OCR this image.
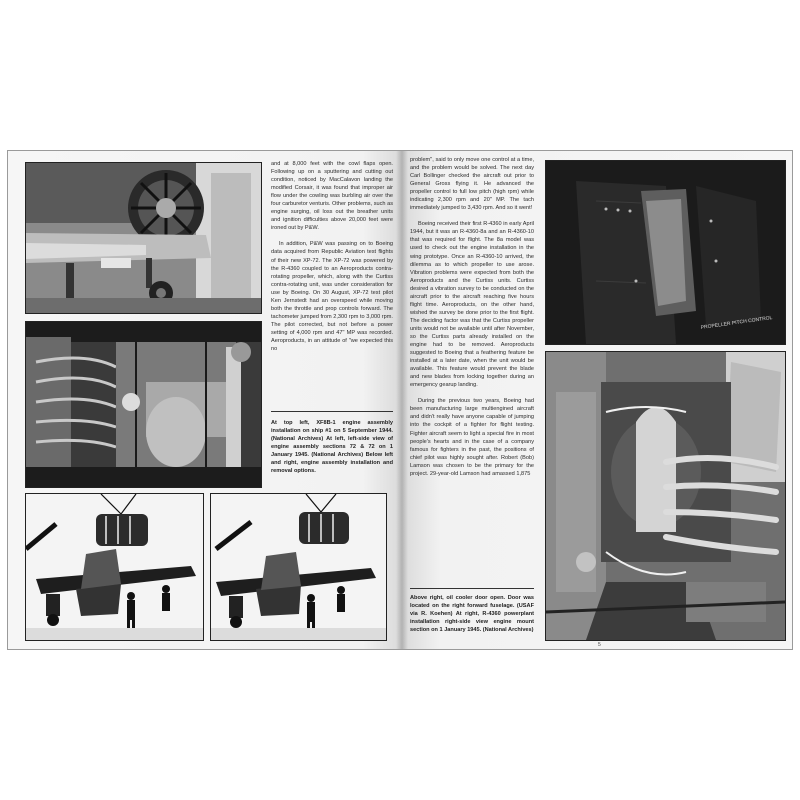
and at 8,000 feet with the cowl flaps open. Following up on a sputtering and cutting out condition, noticed by MacCalavon landing the modified Corsair, it was found that improper air flow under the cowling was burbling air over the four carburetor venturis. Other problems, such as engine surging, oil loss out the breather units and ignition difficulties above 20,000 feet were ironed out by P&W.

In addition, P&W was passing on to Boeing data acquired from Republic Aviation test flights of their new XP-72. The XP-72 was powered by the R-4360 coupled to an Aeroproducts contra-rotating propeller, which, along with the Curtiss contra-rotating unit, was under consideration for use by Boeing. On 30 August, XP-72 test pilot Ken Jernstedt had an overspeed while moving both the throttle and prop controls forward. The tachometer jumped from 2,300 rpm to 3,000 rpm. The pilot corrected, but not before a power setting of 4,000 rpm and 47" MP was recorded. Aeroproducts, in an attitude of "we expected this no

At top left, XF8B-1 engine assembly installation on ship #1 on 5 September 1944. (National Archives) At left, left-side view of engine assembly sections 72 & 72 on 1 January 1945. (National Archives) Below left and right, engine assembly installation and removal options.

problem", said to only move one control at a time, and the problem would be solved. The next day Carl Bollinger checked the aircraft out prior to General Gross flying it. He advanced the propeller control to full low pitch (high rpm) while indicating 2,300 rpm and 20" MP. The tach immediately jumped to 3,430 rpm. And so it went!

Boeing received their first R-4360 in early April 1944, but it was an R-4360-8a and an R-4360-10 that was required for flight. The 8a model was used to check out the engine installation in the wing prototype. Once an R-4360-10 arrived, the dilemma as to which propeller to use arose. Vibration problems were expected from both the Aeroproducts and the Curtiss units. Curtiss desired a vibration survey to be conducted on the aircraft prior to the aircraft reaching five hours flight time. Aeroproducts, on the other hand, wished the survey be done prior to the first flight. The deciding factor was that the Curtiss propeller units would not be available until after November, so the Curtiss parts already installed on the engine had to be removed. Aeroproducts suggested to Boeing that a feathering feature be installed at a later date, when the unit would be available. This feature would prevent the blade and new blades from locking together during an emergency gearup landing.

During the previous two years, Boeing had been manufacturing large multiengined aircraft and didn't really have anyone capable of jumping into the cockpit of a fighter for flight testing. Fighter aircraft seem to light a special fire in most people's hearts and in the case of a company famous for fighters in the past, the positions of chief pilot was highly sought after. Robert (Bob) Lamson was chosen to be the primary for the project. 29-year-old Lamson had amassed 1,875

Above right, oil cooler door open. Door was located on the right forward fuselage. (USAF via R. Koehen) At right, R-4360 powerplant installation right-side view engine mount section on 1 January 1945. (National Archives)
PROPELLER PITCH CONTROL
5
